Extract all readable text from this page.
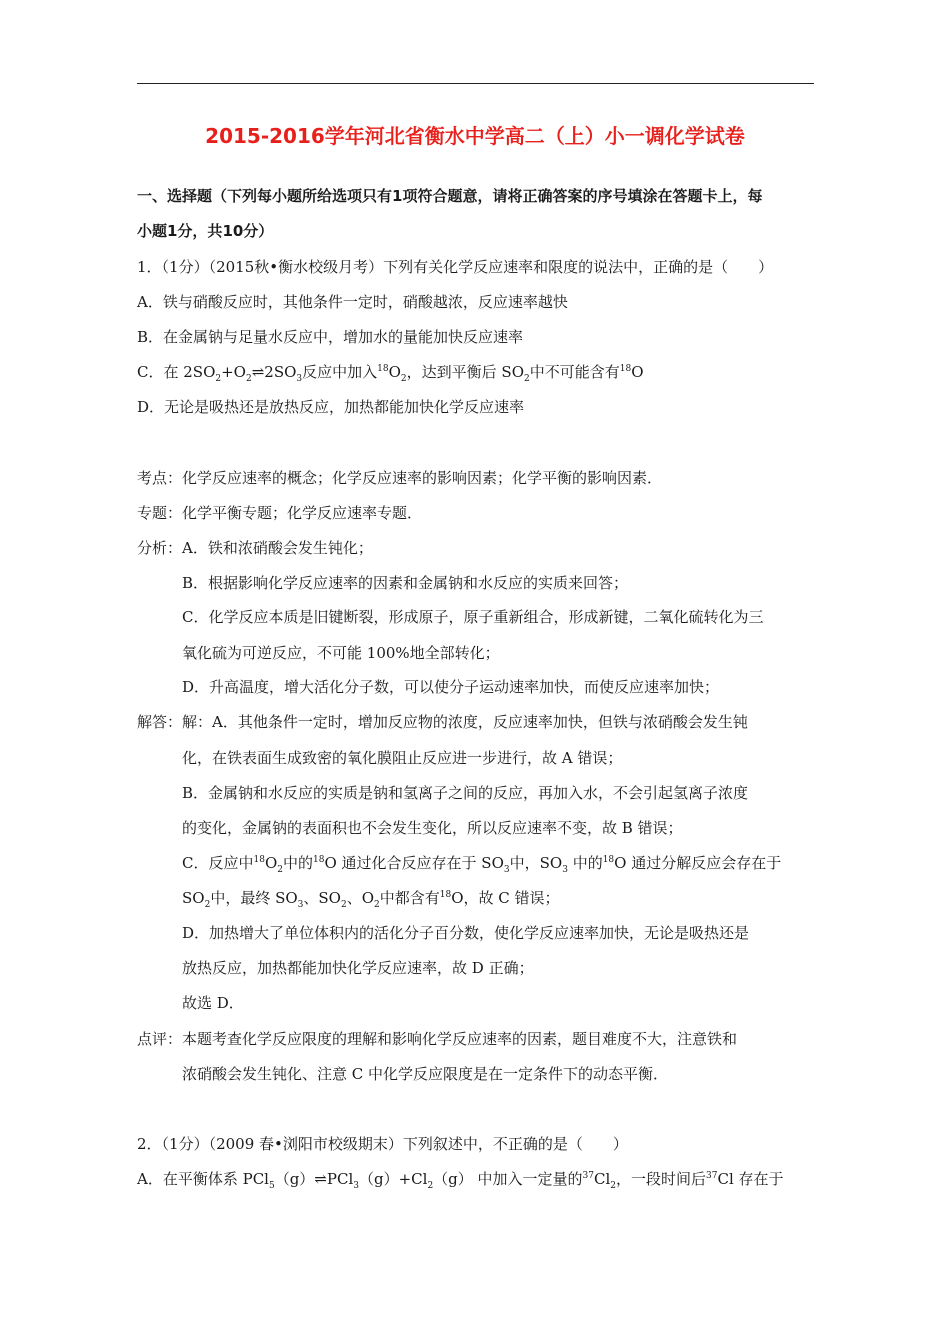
2015-2016学年河北省衡水中学高二（上）小一调化学试卷
一、选择题（下列每小题所给选项只有1项符合题意，请将正确答案的序号填涂在答题卡上，每
小题1分，共10分）
1．（1分）（2015秋•衡水校级月考）下列有关化学反应速率和限度的说法中，正确的是（　　）
A．铁与硝酸反应时，其他条件一定时，硝酸越浓，反应速率越快
B．在金属钠与足量水反应中，增加水的量能加快反应速率
C．在 $2SO_2+O_2\rightleftharpoons 2SO_3$反应中加入$^{18}O_2$，达到平衡后 $SO_2$中不可能含有$^{18}$O
D．无论是吸热还是放热反应，加热都能加快化学反应速率
考点：化学反应速率的概念；化学反应速率的影响因素；化学平衡的影响因素．
专题：化学平衡专题；化学反应速率专题．
分析：A．铁和浓硝酸会发生钝化；
B．根据影响化学反应速率的因素和金属钠和水反应的实质来回答；
C．化学反应本质是旧键断裂，形成原子，原子重新组合，形成新键，二氧化硫转化为三
氧化硫为可逆反应，不可能 100%地全部转化；
D．升高温度，增大活化分子数，可以使分子运动速率加快，而使反应速率加快；
解答：解：A．其他条件一定时，增加反应物的浓度，反应速率加快，但铁与浓硝酸会发生钝
化，在铁表面生成致密的氧化膜阻止反应进一步进行，故 A 错误；
B．金属钠和水反应的实质是钠和氢离子之间的反应，再加入水，不会引起氢离子浓度
的变化，金属钠的表面积也不会发生变化，所以反应速率不变，故 B 错误；
C．反应中$^{18}O_2$中的$^{18}$O 通过化合反应存在于 $SO_3$中，$SO_3$ 中的$^{18}$O 通过分解反应会存在于
$SO_2$中，最终 $SO_3$、$SO_2$、$O_2$中都含有$^{18}$O，故 C 错误；
D．加热增大了单位体积内的活化分子百分数，使化学反应速率加快，无论是吸热还是
放热反应，加热都能加快化学反应速率，故 D 正确；
故选 D．
点评：本题考查化学反应限度的理解和影响化学反应速率的因素，题目难度不大，注意铁和
浓硝酸会发生钝化、注意 C 中化学反应限度是在一定条件下的动态平衡．
2．（1分）（2009 春•浏阳市校级期末）下列叙述中，不正确的是（　　）
A．在平衡体系 $PCl_5(g)\rightleftharpoons PCl_3(g)+Cl_2(g)$ 中加入一定量的$^{37}Cl_2$，一段时间后$^{37}$Cl 存在于
